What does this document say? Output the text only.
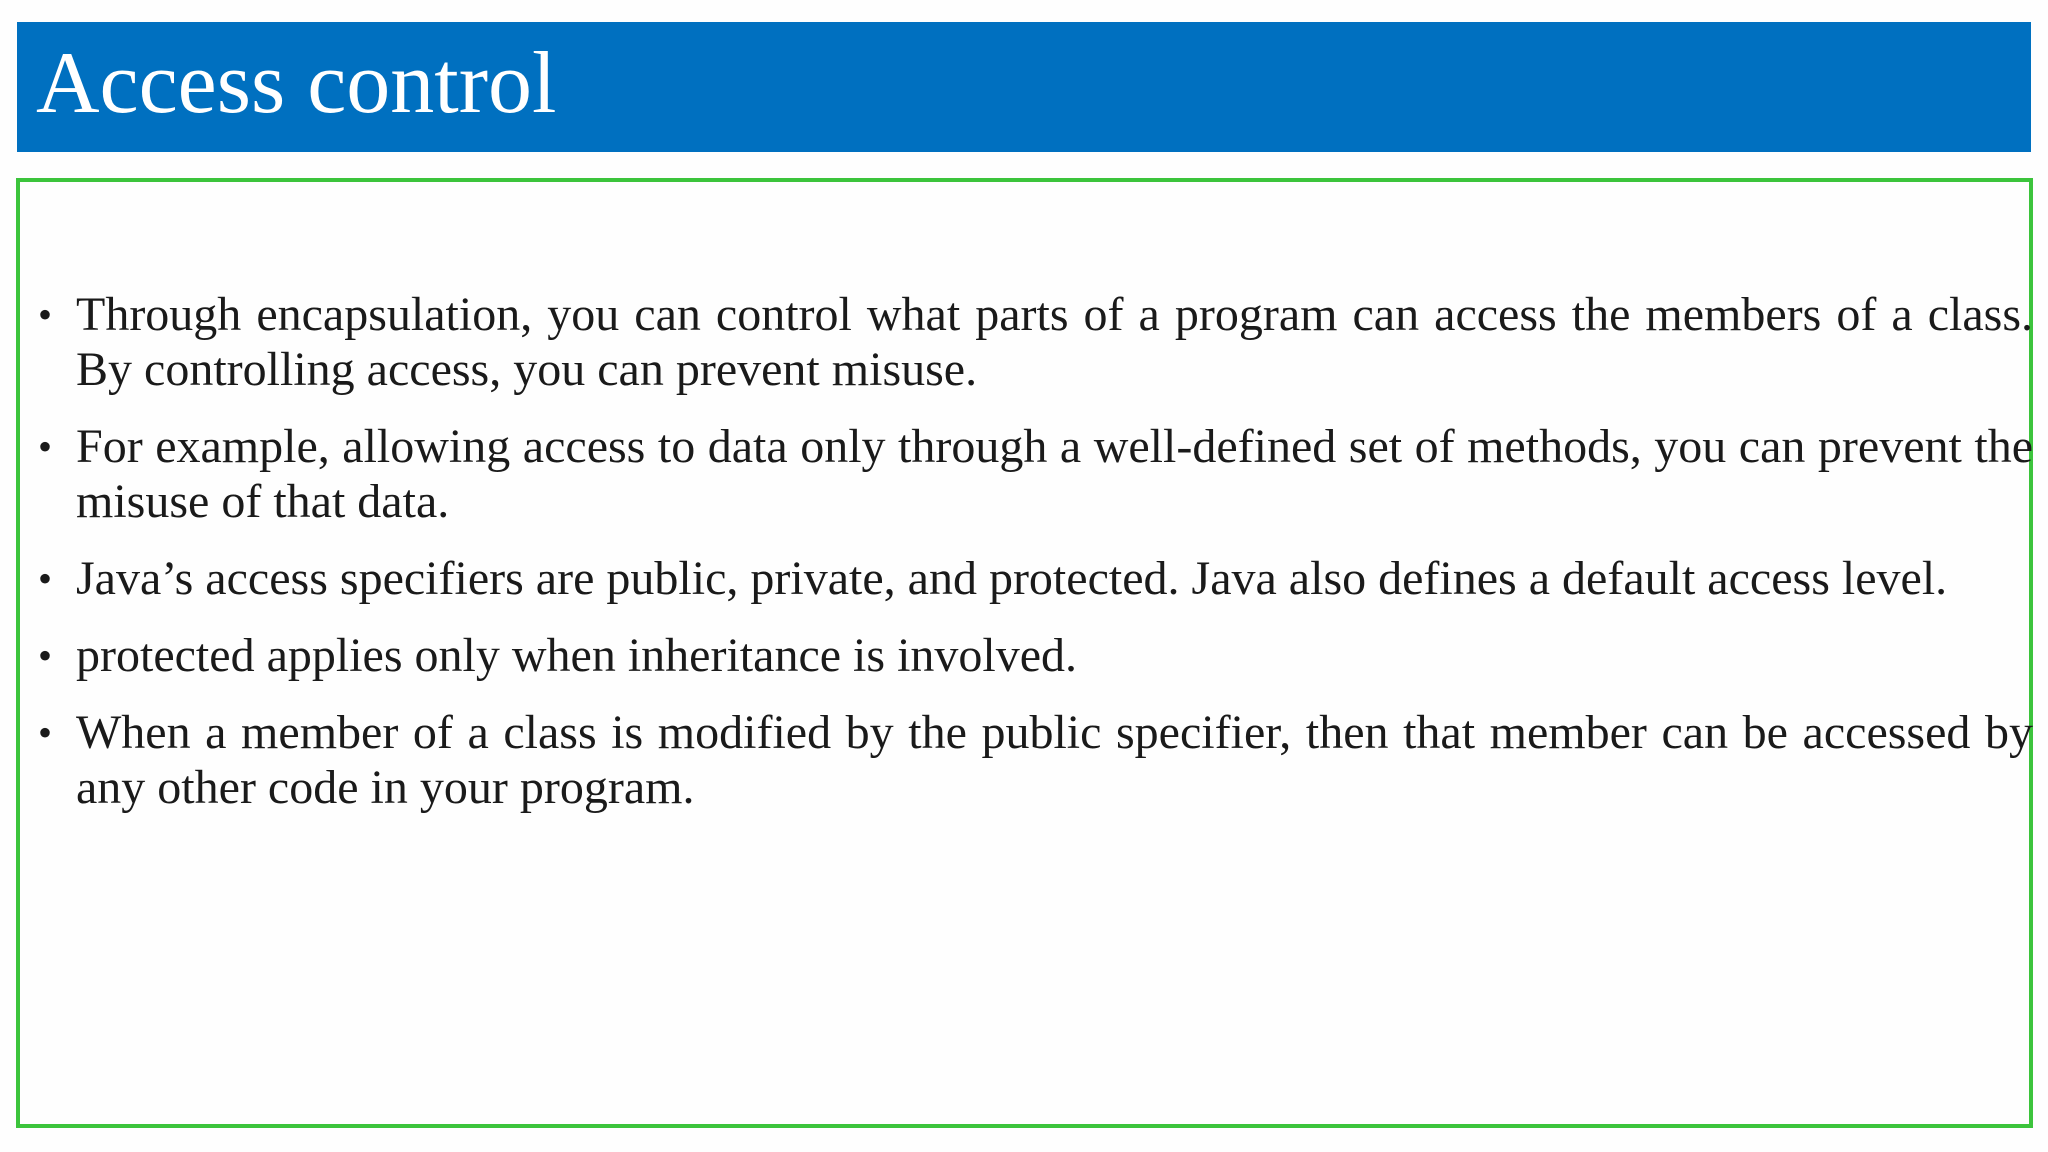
Access control
• Through encapsulation, you can control what parts of a program can access the members of a class. By controlling access, you can prevent misuse.
• For example, allowing access to data only through a well-defined set of methods, you can prevent the misuse of that data.
• Java’s access specifiers are public, private, and protected. Java also defines a default access level.
• protected applies only when inheritance is involved.
• When a member of a class is modified by the public specifier, then that member can be accessed by any other code in your program.
